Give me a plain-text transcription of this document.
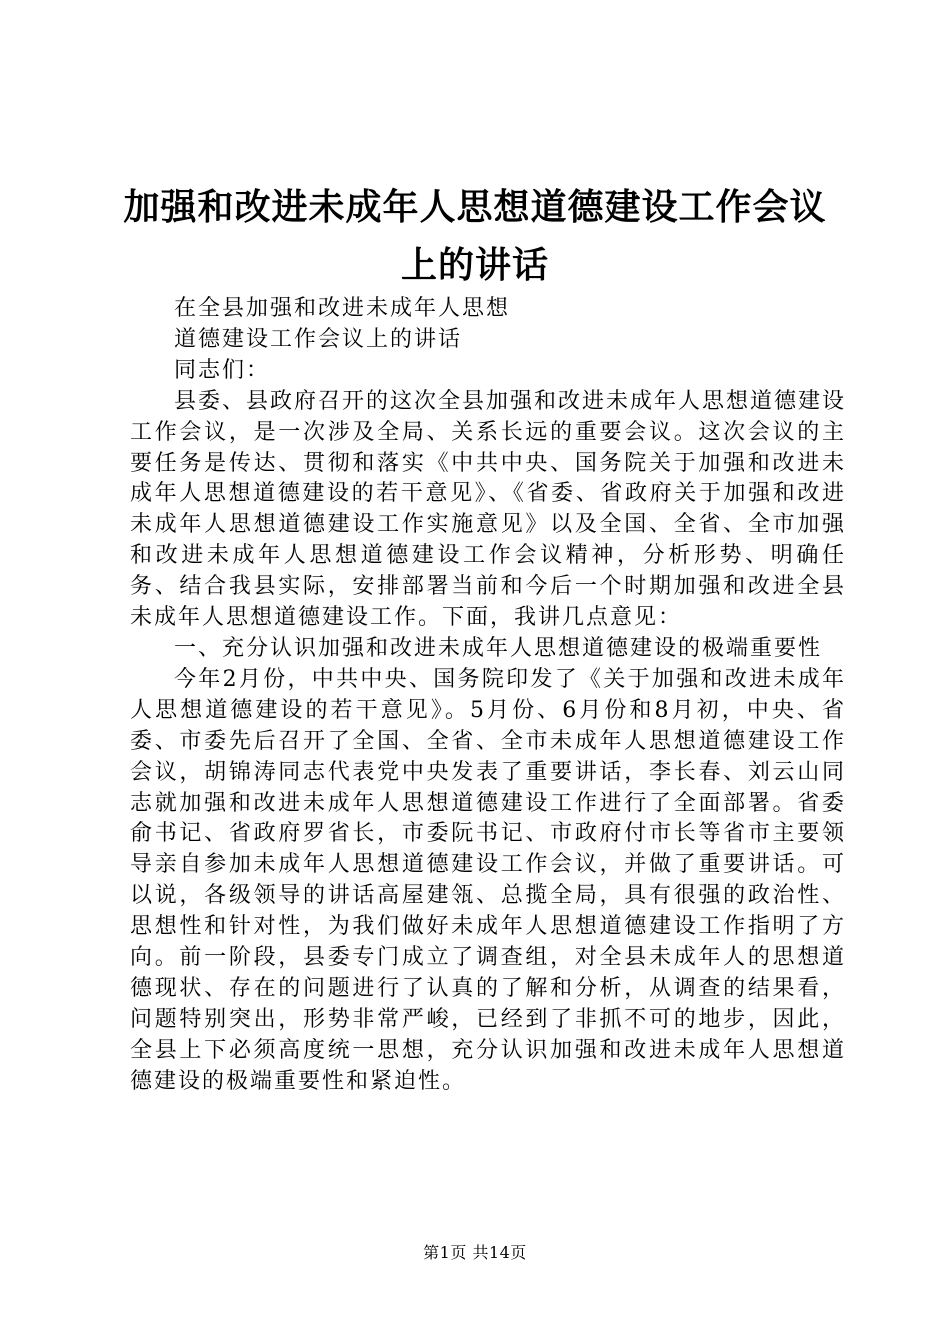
加强和改进未成年人思想道德建设工作会议上的讲话

在全县加强和改进未成年人思想

道德建设工作会议上的讲话

同志们：

县委、县政府召开的这次全县加强和改进未成年人思想道德建设工作会议，是一次涉及全局、关系长远的重要会议。这次会议的主要任务是传达、贯彻和落实《中共中央、国务院关于加强和改进未成年人思想道德建设的若干意见》、《省委、省政府关于加强和改进未成年人思想道德建设工作实施意见》以及全国、全省、全市加强和改进未成年人思想道德建设工作会议精神，分析形势、明确任务、结合我县实际，安排部署当前和今后一个时期加强和改进全县未成年人思想道德建设工作。下面，我讲几点意见：

一、充分认识加强和改进未成年人思想道德建设的极端重要性

今年2月份，中共中央、国务院印发了《关于加强和改进未成年人思想道德建设的若干意见》。5月份、6月份和8月初，中央、省委、市委先后召开了全国、全省、全市未成年人思想道德建设工作会议，胡锦涛同志代表党中央发表了重要讲话，李长春、刘云山同志就加强和改进未成年人思想道德建设工作进行了全面部署。省委俞书记、省政府罗省长，市委阮书记、市政府付市长等省市主要领导亲自参加未成年人思想道德建设工作会议，并做了重要讲话。可以说，各级领导的讲话高屋建瓴、总揽全局，具有很强的政治性、思想性和针对性，为我们做好未成年人思想道德建设工作指明了方向。前一阶段，县委专门成立了调查组，对全县未成年人的思想道德现状、存在的问题进行了认真的了解和分析，从调查的结果看，问题特别突出，形势非常严峻，已经到了非抓不可的地步，因此，全县上下必须高度统一思想，充分认识加强和改进未成年人思想道德建设的极端重要性和紧迫性。

第1页 共14页
